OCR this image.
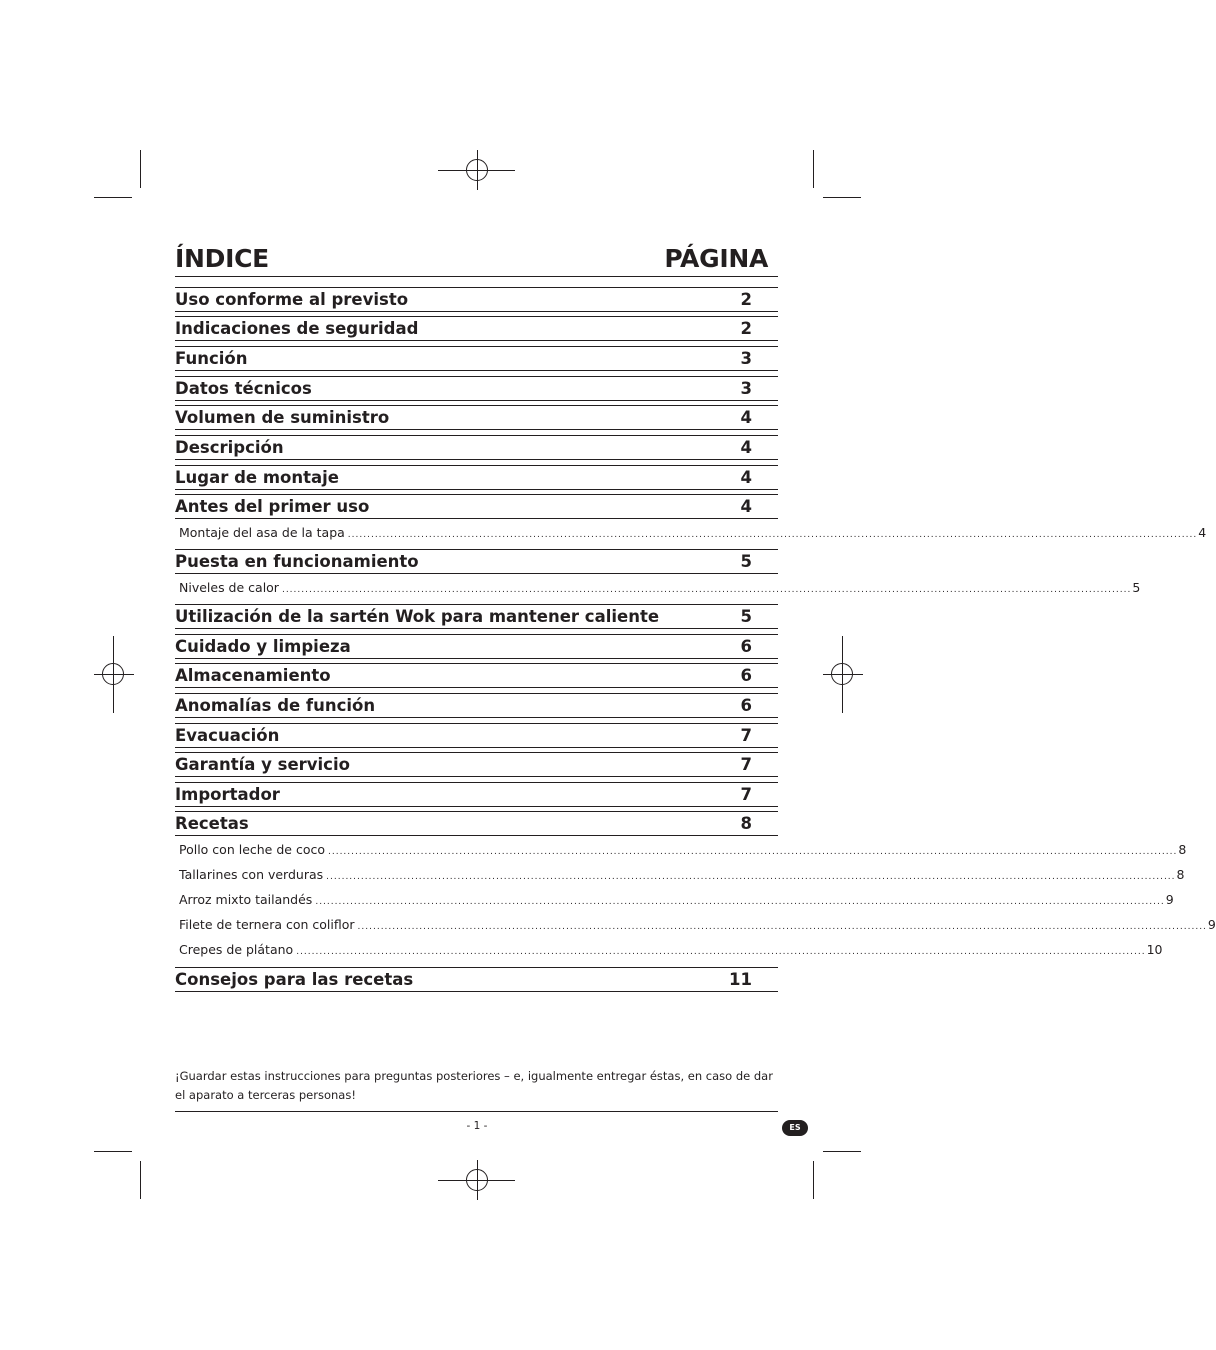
ÍNDICE	PÁGINA
Uso conforme al previsto	2
Indicaciones de seguridad	2
Función	3
Datos técnicos	3
Volumen de suministro	4
Descripción	4
Lugar de montaje	4
Antes del primer uso	4
Montaje del asa de la tapa ............................................................................................................................................................................................................................ 4
Puesta en funcionamiento	5
Niveles de calor ............................................................................................................................................................................................................................ 5
Utilización de la sartén Wok para mantener caliente	5
Cuidado y limpieza	6
Almacenamiento	6
Anomalías de función	6
Evacuación	7
Garantía y servicio	7
Importador	7
Recetas	8
Pollo con leche de coco ............................................................................................................................................................................................................................ 8
Tallarines con verduras ............................................................................................................................................................................................................................ 8
Arroz mixto tailandés ............................................................................................................................................................................................................................ 9
Filete de ternera con coliflor ............................................................................................................................................................................................................................ 9
Crepes de plátano ............................................................................................................................................................................................................................ 10
Consejos para las recetas	11
¡Guardar estas instrucciones para preguntas posteriores – e, igualmente entregar éstas, en caso de dar el aparato a terceras personas!
- 1 -	ES
